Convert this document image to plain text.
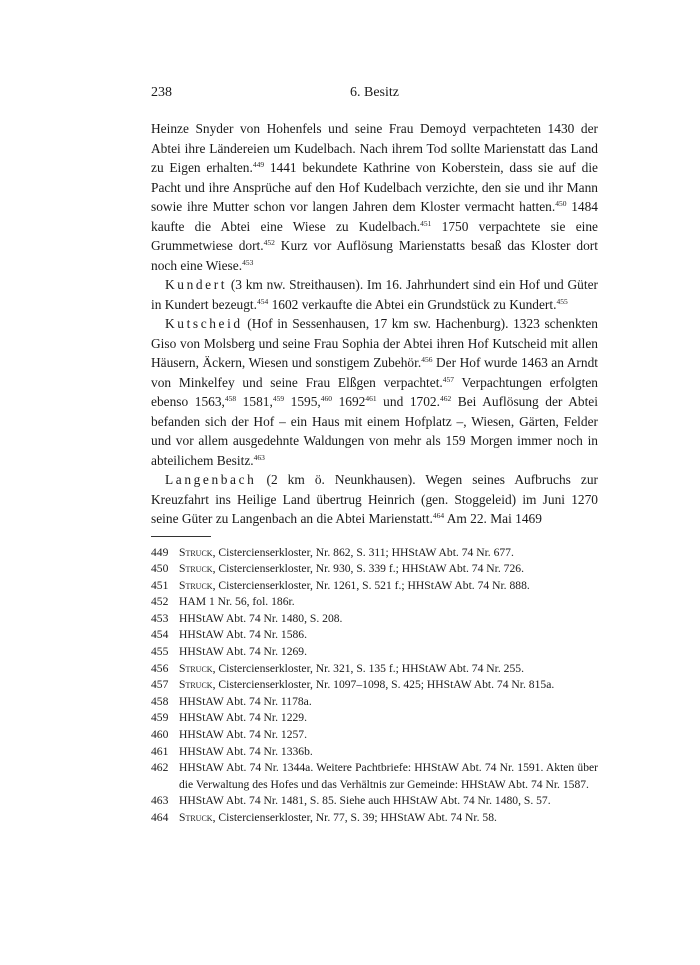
238	6. Besitz

Heinze Snyder von Hohenfels und seine Frau Demoyd verpachteten 1430 der Abtei ihre Ländereien um Kudelbach. Nach ihrem Tod sollte Marienstatt das Land zu Eigen erhalten.$^{449}$ 1441 bekundete Kathrine von Koberstein, dass sie auf die Pacht und ihre Ansprüche auf den Hof Kudelbach verzichte, den sie und ihr Mann sowie ihre Mutter schon vor langen Jahren dem Kloster vermacht hatten.$^{450}$ 1484 kaufte die Abtei eine Wiese zu Kudelbach.$^{451}$ 1750 verpachtete sie eine Grummetwiese dort.$^{452}$ Kurz vor Auflösung Marienstatts besaß das Kloster dort noch eine Wiese.$^{453}$

Kundert (3 km nw. Streithausen). Im 16. Jahrhundert sind ein Hof und Güter in Kundert bezeugt.$^{454}$ 1602 verkaufte die Abtei ein Grundstück zu Kundert.$^{455}$

Kutscheid (Hof in Sessenhausen, 17 km sw. Hachenburg). 1323 schenkten Giso von Molsberg und seine Frau Sophia der Abtei ihren Hof Kutscheid mit allen Häusern, Äckern, Wiesen und sonstigem Zubehör.$^{456}$ Der Hof wurde 1463 an Arndt von Minkelfey und seine Frau Elßgen verpachtet.$^{457}$ Verpachtungen erfolgten ebenso 1563,$^{458}$ 1581,$^{459}$ 1595,$^{460}$ 1692$^{461}$ und 1702.$^{462}$ Bei Auflösung der Abtei befanden sich der Hof – ein Haus mit einem Hofplatz –, Wiesen, Gärten, Felder und vor allem ausgedehnte Waldungen von mehr als 159 Morgen immer noch in abteilichem Besitz.$^{463}$

Langenbach (2 km ö. Neunkhausen). Wegen seines Aufbruchs zur Kreuzfahrt ins Heilige Land übertrug Heinrich (gen. Stoggeleid) im Juni 1270 seine Güter zu Langenbach an die Abtei Marienstatt.$^{464}$ Am 22. Mai 1469

449 Struck, Cistercienserkloster, Nr. 862, S. 311; HHStAW Abt. 74 Nr. 677.
450 Struck, Cistercienserkloster, Nr. 930, S. 339 f.; HHStAW Abt. 74 Nr. 726.
451 Struck, Cistercienserkloster, Nr. 1261, S. 521 f.; HHStAW Abt. 74 Nr. 888.
452 HAM 1 Nr. 56, fol. 186r.
453 HHStAW Abt. 74 Nr. 1480, S. 208.
454 HHStAW Abt. 74 Nr. 1586.
455 HHStAW Abt. 74 Nr. 1269.
456 Struck, Cistercienserkloster, Nr. 321, S. 135 f.; HHStAW Abt. 74 Nr. 255.
457 Struck, Cistercienserkloster, Nr. 1097–1098, S. 425; HHStAW Abt. 74 Nr. 815a.
458 HHStAW Abt. 74 Nr. 1178a.
459 HHStAW Abt. 74 Nr. 1229.
460 HHStAW Abt. 74 Nr. 1257.
461 HHStAW Abt. 74 Nr. 1336b.
462 HHStAW Abt. 74 Nr. 1344a. Weitere Pachtbriefe: HHStAW Abt. 74 Nr. 1591. Akten über die Verwaltung des Hofes und das Verhältnis zur Gemeinde: HHStAW Abt. 74 Nr. 1587.
463 HHStAW Abt. 74 Nr. 1481, S. 85. Siehe auch HHStAW Abt. 74 Nr. 1480, S. 57.
464 Struck, Cistercienserkloster, Nr. 77, S. 39; HHStAW Abt. 74 Nr. 58.
